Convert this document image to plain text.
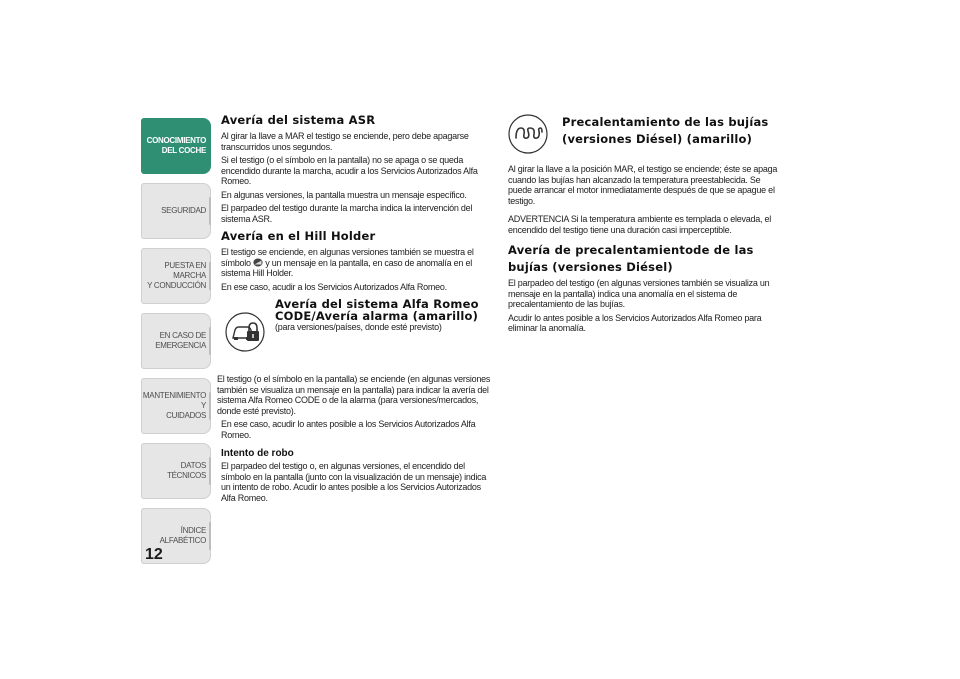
CONOCIMIENTO
DEL COCHE
SEGURIDAD
PUESTA EN MARCHA
Y CONDUCCIÓN
EN CASO DE
EMERGENCIA
MANTENIMIENTO Y
CUIDADOS
DATOS TÉCNICOS
ÍNDICE ALFABÉTICO
12
Avería del sistema ASR

Al girar la llave a MAR el testigo se enciende, pero debe apagarse transcurridos unos segundos.

Si el testigo (o el símbolo en la pantalla) no se apaga o se queda encendido durante la marcha, acudir a los Servicios Autorizados Alfa Romeo.

En algunas versiones, la pantalla muestra un mensaje específico.

El parpadeo del testigo durante la marcha indica la intervención del sistema ASR.

Avería en el Hill Holder

El testigo se enciende, en algunas versiones también se muestra el símbolo y un mensaje en la pantalla, en caso de anomalía en el sistema Hill Holder.

En ese caso, acudir a los Servicios Autorizados Alfa Romeo.

Avería del sistema Alfa Romeo
CODE/Avería alarma (amarillo)

(para versiones/países, donde esté previsto)

El testigo (o el símbolo en la pantalla) se enciende (en algunas versiones también se visualiza un mensaje en la pantalla) para indicar la avería del sistema Alfa Romeo CODE o de la alarma (para versiones/mercados, donde esté previsto).

En ese caso, acudir lo antes posible a los Servicios Autorizados Alfa Romeo.

Intento de robo

El parpadeo del testigo o, en algunas versiones, el encendido del símbolo en la pantalla (junto con la visualización de un mensaje) indica un intento de robo. Acudir lo antes posible a los Servicios Autorizados Alfa Romeo.

Precalentamiento de las bujías
(versiones Diésel) (amarillo)

Al girar la llave a la posición MAR, el testigo se enciende; éste se apaga cuando las bujías han alcanzado la temperatura preestablecida. Se puede arrancar el motor inmediatamente después de que se apague el testigo.

ADVERTENCIA Si la temperatura ambiente es templada o elevada, el encendido del testigo tiene una duración casi imperceptible.

Avería de precalentamientode de las
bujías (versiones Diésel)

El parpadeo del testigo (en algunas versiones también se visualiza un mensaje en la pantalla) indica una anomalía en el sistema de precalentamiento de las bujías.

Acudir lo antes posible a los Servicios Autorizados Alfa Romeo para eliminar la anomalía.
